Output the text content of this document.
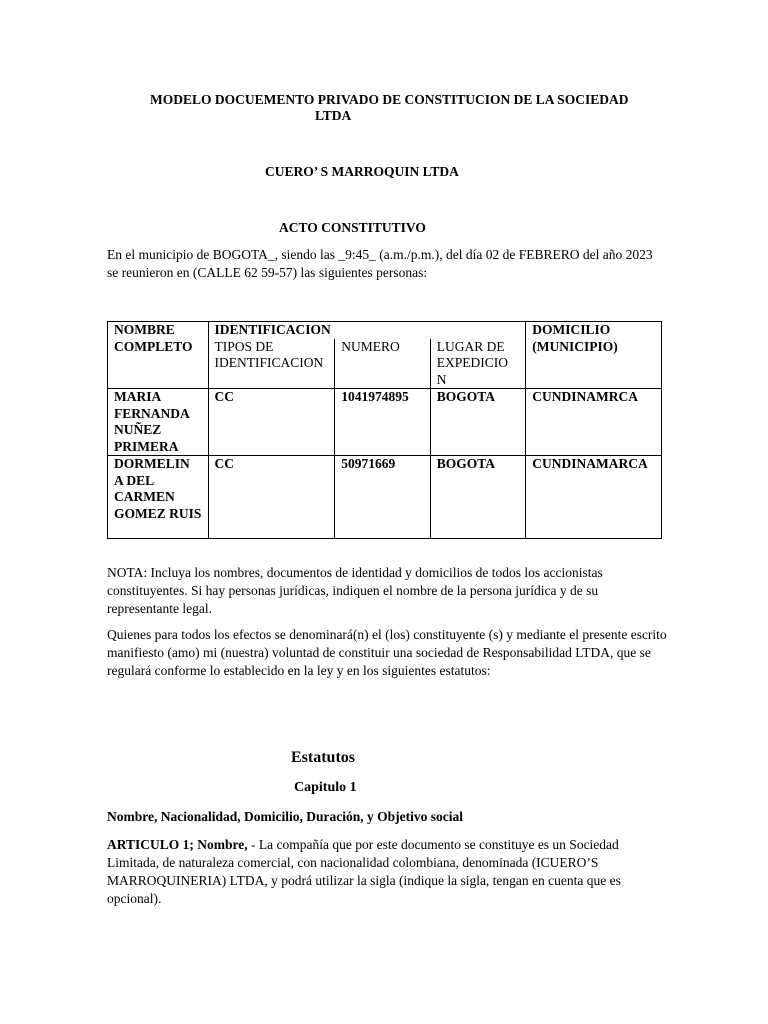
MODELO DOCUEMENTO PRIVADO DE CONSTITUCION DE LA SOCIEDAD
LTDA
CUERO’ S MARROQUIN LTDA
ACTO CONSTITUTIVO

En el municipio de BOGOTA_, siendo las _9:45_ (a.m./p.m.), del día 02 de FEBRERO del año 2023 se reunieron en (CALLE 62 59-57) las siguientes personas:

NOMBRE COMPLETO	IDENTIFICACION			DOMICILIO (MUNICIPIO)
	TIPOS DE IDENTIFICACION	NUMERO	LUGAR DE EXPEDICIO N	
MARIA FERNANDA NUÑEZ PRIMERA	CC	1041974895	BOGOTA	CUNDINAMRCA
DORMELIN A DEL CARMEN GOMEZ RUIS	CC	50971669	BOGOTA	CUNDINAMARCA

NOTA: Incluya los nombres, documentos de identidad y domicilios de todos los accionistas constituyentes. Si hay personas jurídicas, indiquen el nombre de la persona jurídica y de su representante legal.

Quienes para todos los efectos se denominará(n) el (los) constituyente (s) y mediante el presente escrito manifiesto (amo) mi (nuestra) voluntad de constituir una sociedad de Responsabilidad LTDA, que se regulará conforme lo establecido en la ley y en los siguientes estatutos:

Estatutos
Capitulo 1
Nombre, Nacionalidad, Domicilio, Duración, y Objetivo social

ARTICULO 1; Nombre, - La compañía que por este documento se constituye es un Sociedad Limitada, de naturaleza comercial, con nacionalidad colombiana, denominada (ICUERO’S MARROQUINERIA) LTDA, y podrá utilizar la sigla (indique la sigla, tengan en cuenta que es opcional).
